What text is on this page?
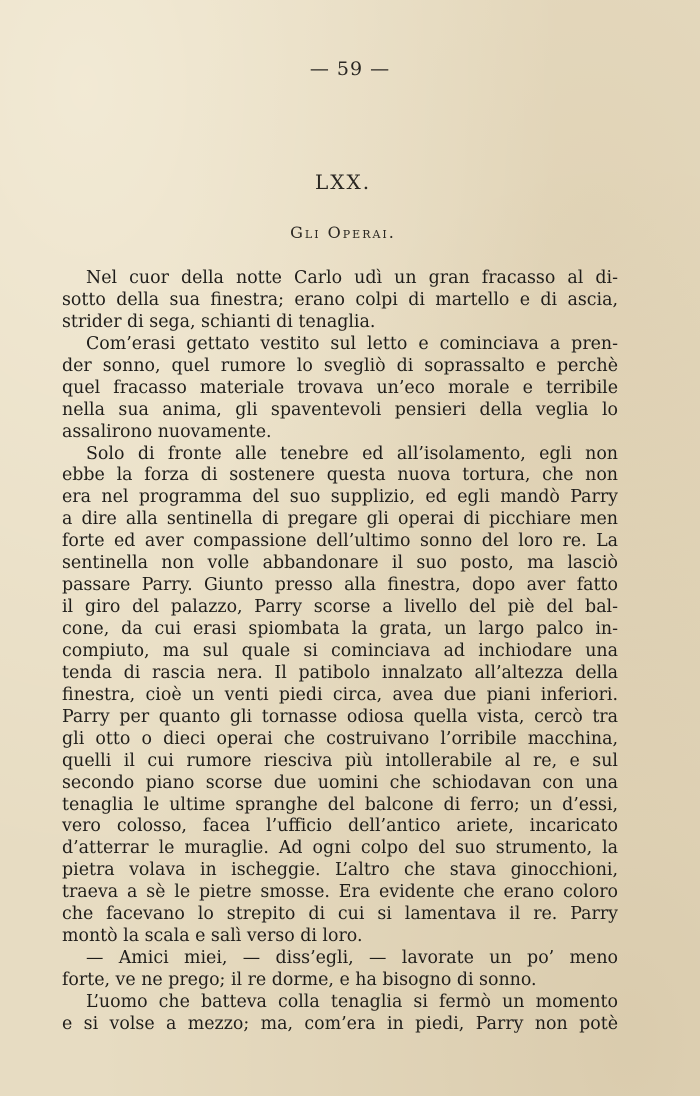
— 59 —
LXX.
Gli Operai.
Nel cuor della notte Carlo udì un gran fracasso al di-
sotto della sua finestra; erano colpi di martello e di ascia,
strider di sega, schianti di tenaglia.
Com’erasi gettato vestito sul letto e cominciava a pren-
der sonno, quel rumore lo svegliò di soprassalto e perchè
quel fracasso materiale trovava un’eco morale e terribile
nella sua anima, gli spaventevoli pensieri della veglia lo
assalirono nuovamente.
Solo di fronte alle tenebre ed all’isolamento, egli non
ebbe la forza di sostenere questa nuova tortura, che non
era nel programma del suo supplizio, ed egli mandò Parry
a dire alla sentinella di pregare gli operai di picchiare men
forte ed aver compassione dell’ultimo sonno del loro re. La
sentinella non volle abbandonare il suo posto, ma lasciò
passare Parry. Giunto presso alla finestra, dopo aver fatto
il giro del palazzo, Parry scorse a livello del piè del bal-
cone, da cui erasi spiombata la grata, un largo palco in-
compiuto, ma sul quale si cominciava ad inchiodare una
tenda di rascia nera. Il patibolo innalzato all’altezza della
finestra, cioè un venti piedi circa, avea due piani inferiori.
Parry per quanto gli tornasse odiosa quella vista, cercò tra
gli otto o dieci operai che costruivano l’orribile macchina,
quelli il cui rumore riesciva più intollerabile al re, e sul
secondo piano scorse due uomini che schiodavan con una
tenaglia le ultime spranghe del balcone di ferro; un d’essi,
vero colosso, facea l’ufficio dell’antico ariete, incaricato
d’atterrar le muraglie. Ad ogni colpo del suo strumento, la
pietra volava in ischeggie. L’altro che stava ginocchioni,
traeva a sè le pietre smosse. Era evidente che erano coloro
che facevano lo strepito di cui si lamentava il re. Parry
montò la scala e salì verso di loro.
— Amici miei, — diss’egli, — lavorate un po’ meno
forte, ve ne prego; il re dorme, e ha bisogno di sonno.
L’uomo che batteva colla tenaglia si fermò un momento
e si volse a mezzo; ma, com’era in piedi, Parry non potè
